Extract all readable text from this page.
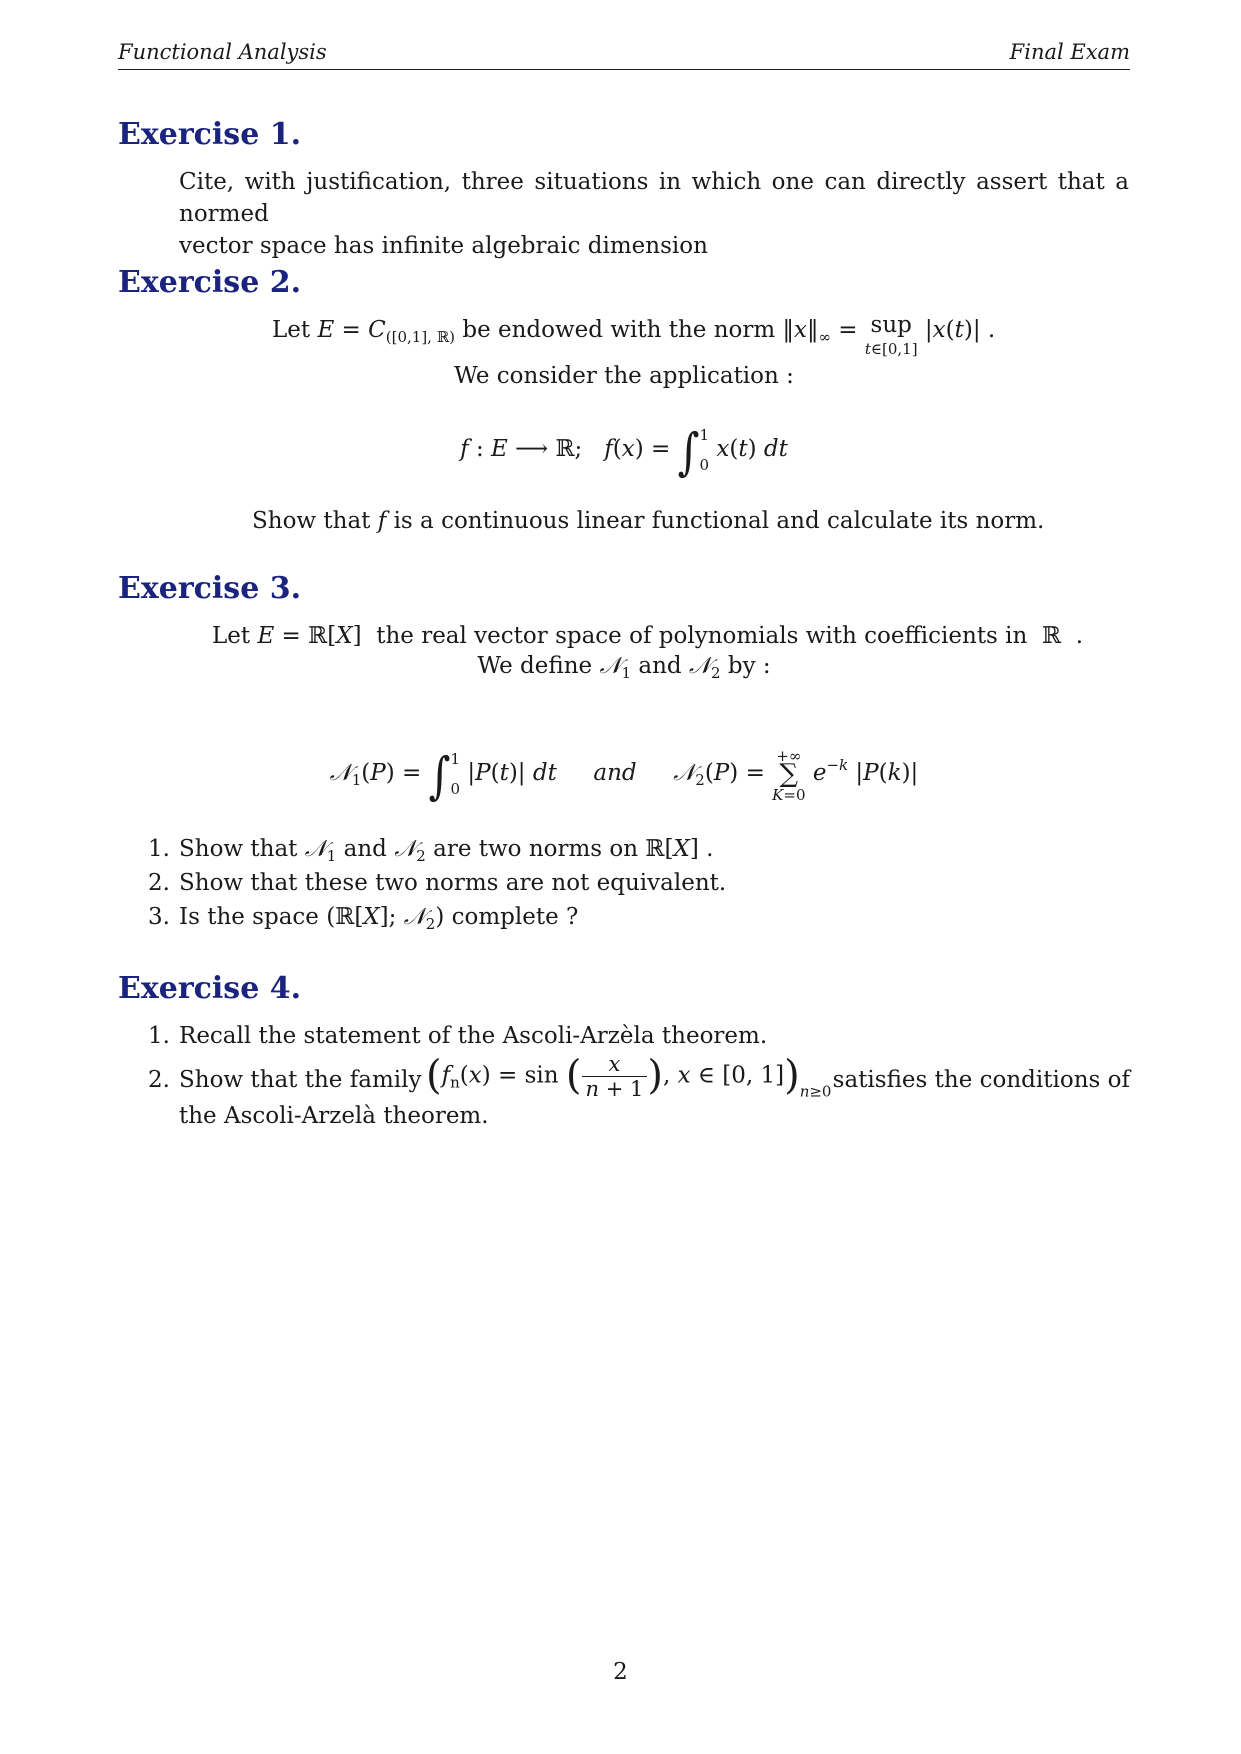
Functional Analysis	Final Exam
Exercise 1.
Cite, with justification, three situations in which one can directly assert that a normed
vector space has infinite algebraic dimension
Exercise 2.
Let $E = C_{([0,1], ℝ)}$ be endowed with the norm $‖x‖_\infty$ = sup
t∈[0,1] |x(t)| .
We consider the application :
f : E ⟶ ℝ;   f(x) = ∫1
0 x(t) dt
Show that f is a continuous linear functional and calculate its norm.
Exercise 3.
Let E = ℝ[X]  the real vector space of polynomials with coefficients in  ℝ  .
We define 𝒩$_1$ and 𝒩$_2$ by :
𝒩$_1$(P) = ∫1
0 |P(t)| dt and 𝒩$_2$(P) = +∞
∑
K=0 $e^{-k}$ |P(k)|
1. Show that 𝒩$_1$ and 𝒩$_2$ are two norms on ℝ[X] .
2. Show that these two norms are not equivalent.
3. Is the space (ℝ[X]; 𝒩$_2$) complete ?
Exercise 4.
1. Recall the statement of the Ascoli-Arzèla theorem.
2. Show that the family ($f_n(x) = \sin$ ( $\frac{x}{n + 1}$ ), x ∈ [0, $1])_{n\ge 0}$ satisfies the conditions of
the Ascoli-Arzelà theorem.
2
